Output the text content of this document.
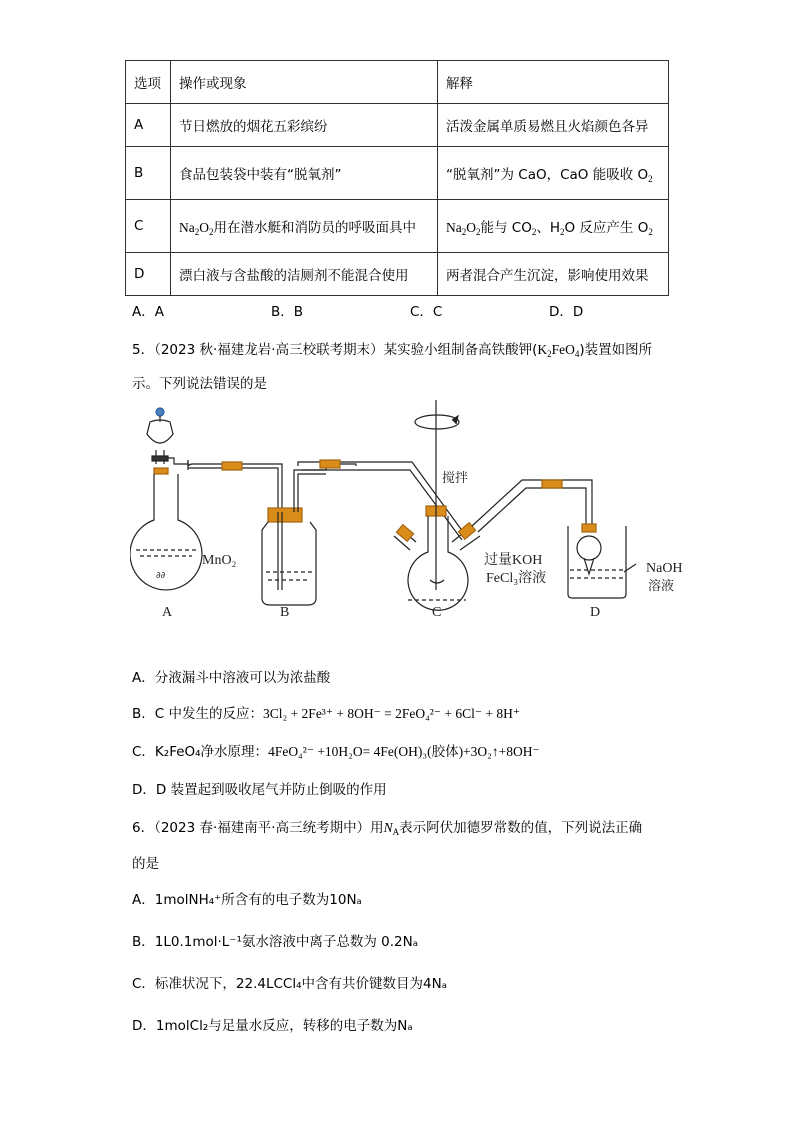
选项	操作或现象	解释
A	节日燃放的烟花五彩缤纷	活泼金属单质易燃且火焰颜色各异
B	食品包装袋中装有“脱氧剂”	“脱氧剂”为 CaO，CaO 能吸收 $O_2$
C	$Na_2O_2$用在潜水艇和消防员的呼吸面具中	$Na_2O_2$能与 $CO_2$、$H_2O$ 反应产生 $O_2$
D	漂白液与含盐酸的洁厕剂不能混合使用	两者混合产生沉淀，影响使用效果
A．A	B．B	C．C	D．D
5．（2023 秋·福建龙岩·高三校联考期末）某实验小组制备高铁酸钾$(K_2FeO_4)$装置如图所
示。下列说法错误的是
∂∂
MnO₂
搅拌
过量KOH
FeCl₃溶液
NaOH
溶液
A	B	C	D
A．分液漏斗中溶液可以为浓盐酸
B．C 中发生的反应：3Cl₂ + 2Fe³⁺ + 8OH⁻ = 2FeO₄²⁻ + 6Cl⁻ + 8H⁺
C．K₂FeO₄净水原理：4FeO₄²⁻ +10H₂O= 4Fe(OH)₃(胶体)+3O₂↑+8OH⁻
D．D 装置起到吸收尾气并防止倒吸的作用
6．（2023 春·福建南平·高三统考期中）用$N_A$表示阿伏加德罗常数的值，下列说法正确
的是
A．1molNH₄⁺所含有的电子数为10Nₐ
B．1L0.1mol·L⁻¹氨水溶液中离子总数为 0.2Nₐ
C．标准状况下，22.4LCCl₄中含有共价键数目为4Nₐ
D．1molCl₂与足量水反应，转移的电子数为Nₐ
